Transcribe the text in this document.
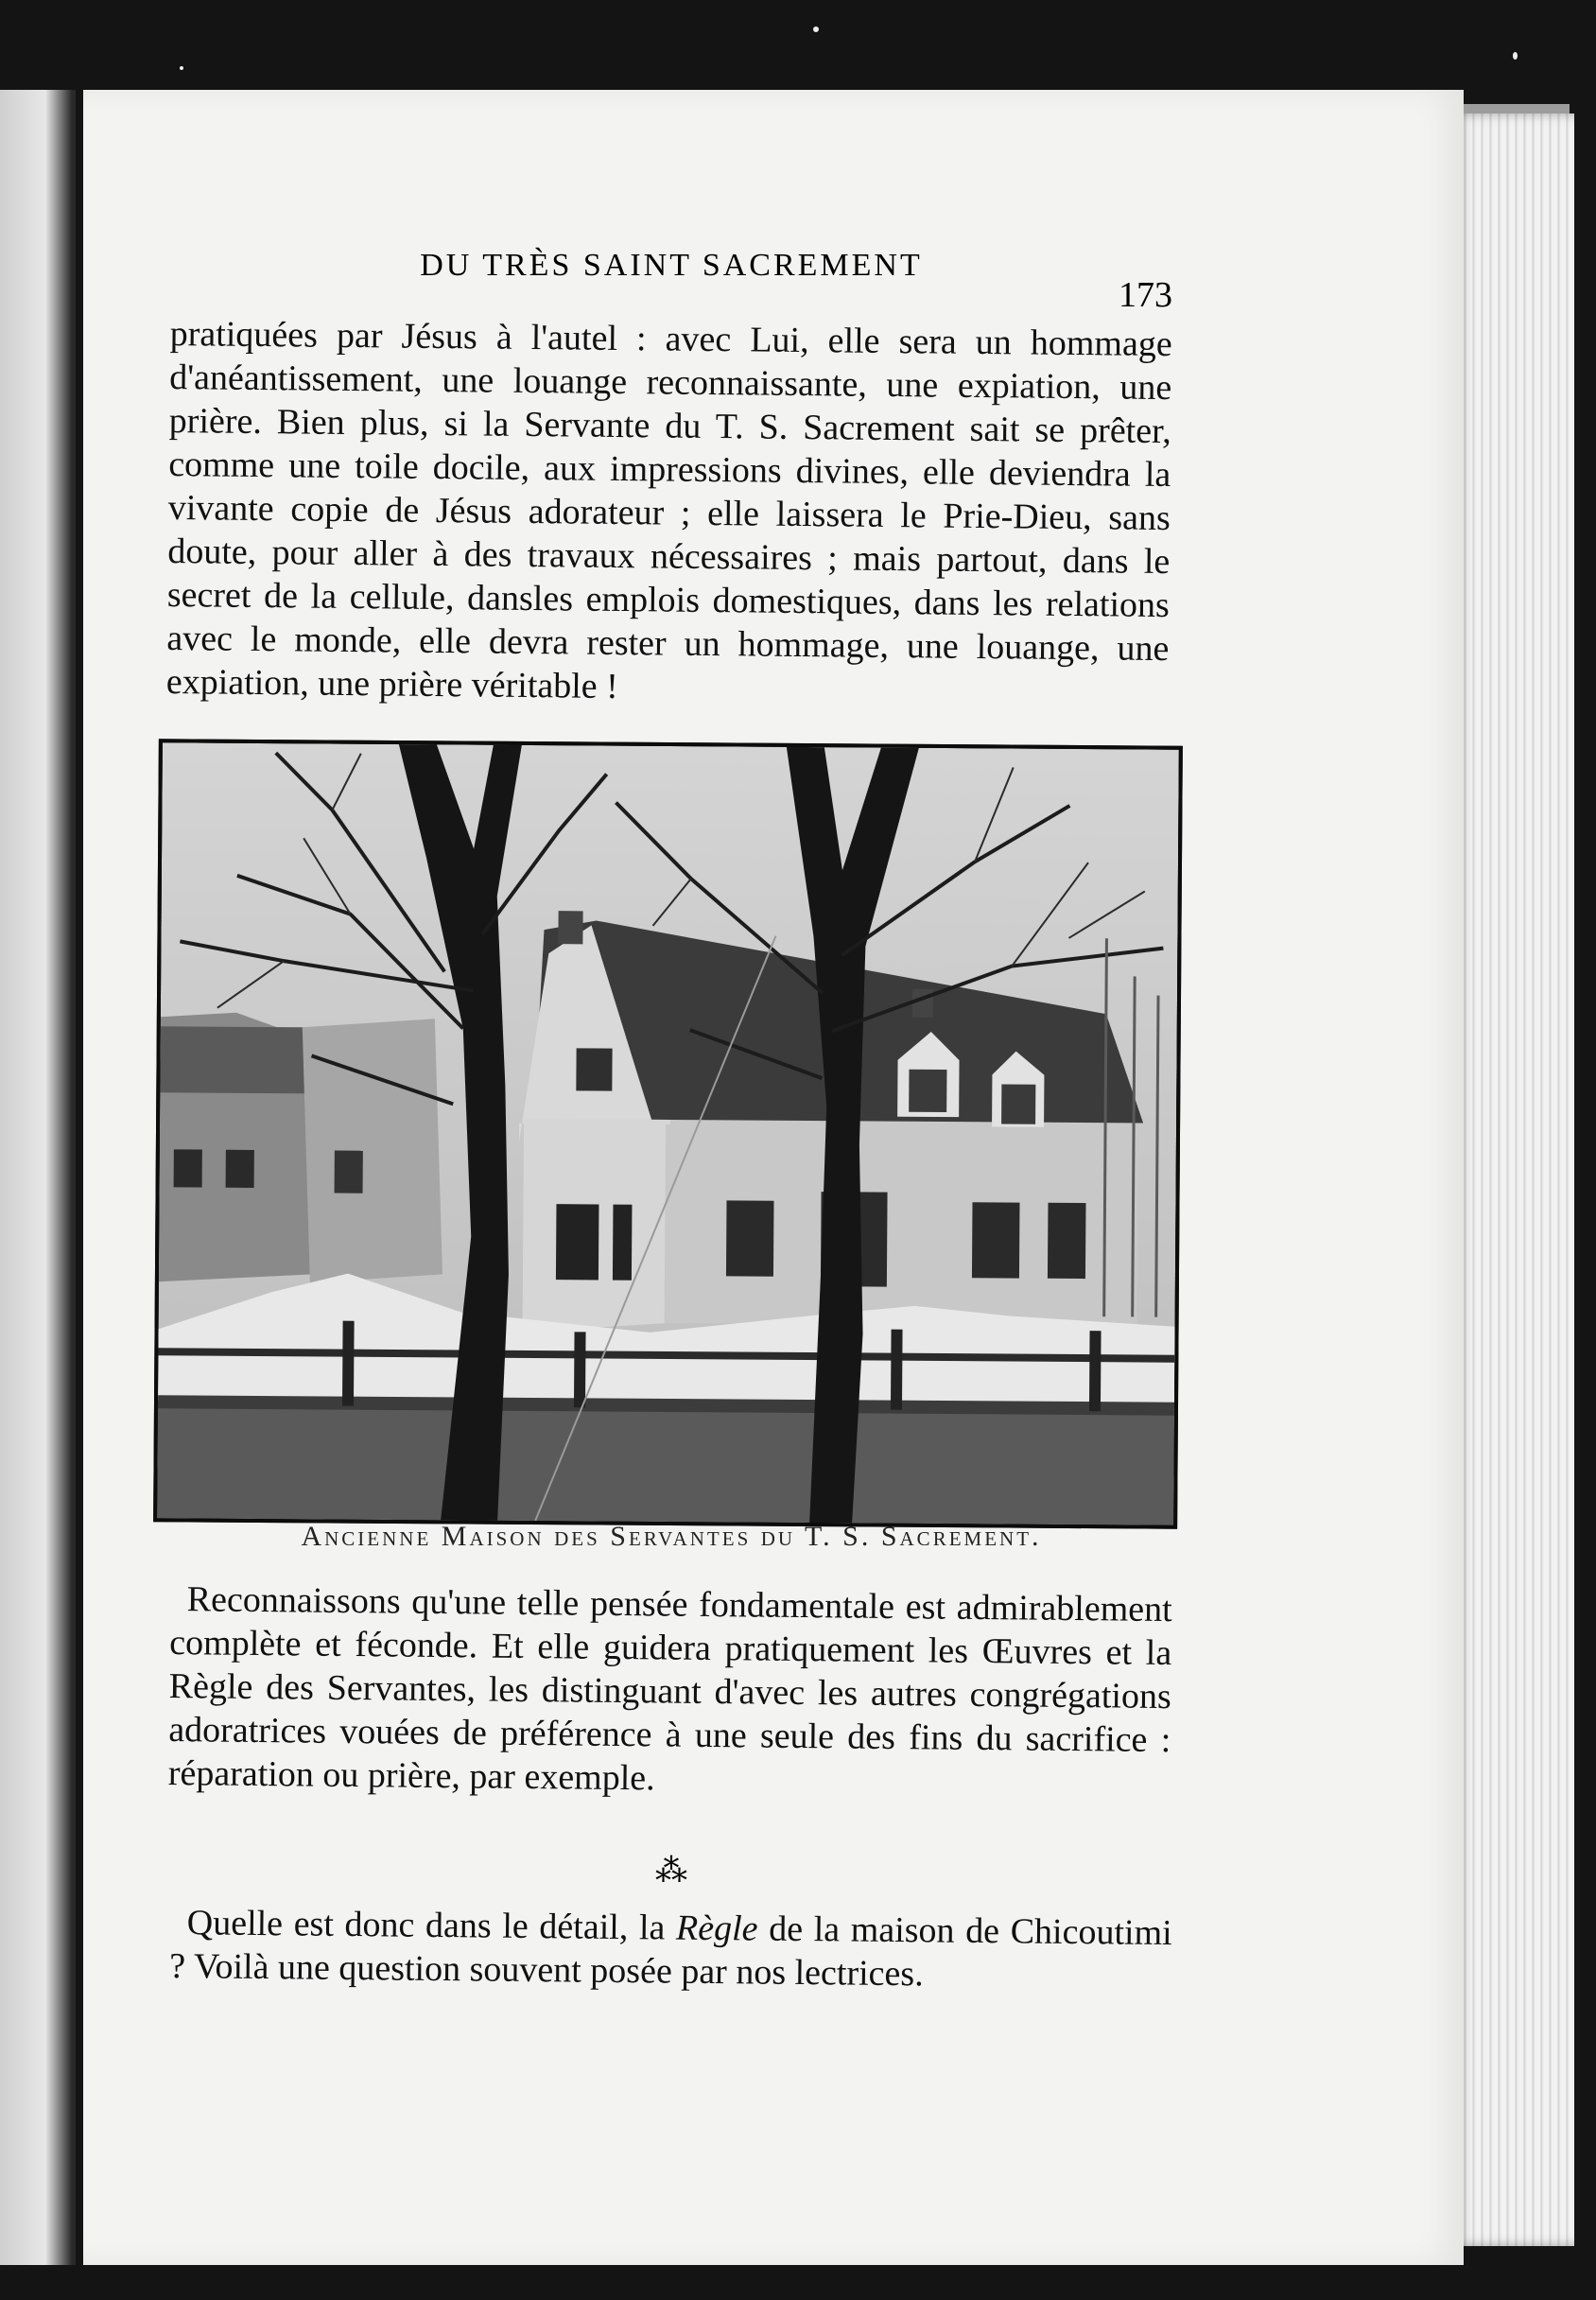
DU TRÈS SAINT SACREMENT
173
pratiquées par Jésus à l'autel : avec Lui, elle sera un hommage d'anéantissement, une louange reconnaissante, une expiation, une prière. Bien plus, si la Servante du T. S. Sacrement sait se prêter, comme une toile docile, aux impressions divines, elle deviendra la vivante copie de Jésus adorateur ; elle laissera le Prie-Dieu, sans doute, pour aller à des travaux nécessaires ; mais partout, dans le secret de la cellule, dansles emplois domestiques, dans les relations avec le monde, elle devra rester un hommage, une louange, une expiation, une prière véritable !
Ancienne Maison des Servantes du T. S. Sacrement.
Reconnaissons qu'une telle pensée fondamentale est admirablement complète et féconde. Et elle guidera pratiquement les Œuvres et la Règle des Servantes, les distinguant d'avec les autres congrégations adoratrices vouées de préférence à une seule des fins du sacrifice : réparation ou prière, par exemple.
⁂
Quelle est donc dans le détail, la Règle de la maison de Chicoutimi ? Voilà une question souvent posée par nos lectrices.
